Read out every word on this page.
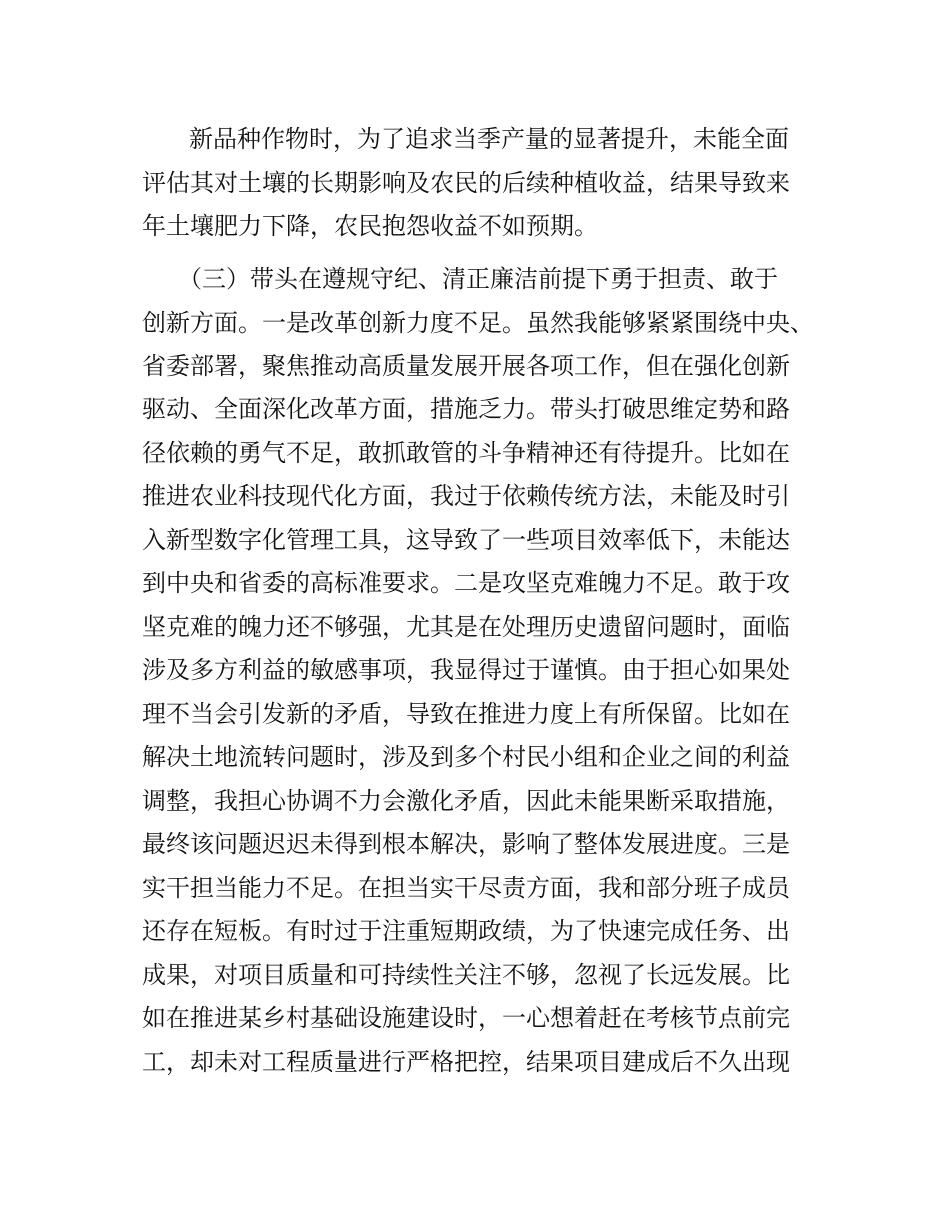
新品种作物时，为了追求当季产量的显著提升，未能全面

评估其对土壤的长期影响及农民的后续种植收益，结果导致来

年土壤肥力下降，农民抱怨收益不如预期。

（三）带头在遵规守纪、清正廉洁前提下勇于担责、敢于

创新方面。一是改革创新力度不足。虽然我能够紧紧围绕中央、

省委部署，聚焦推动高质量发展开展各项工作，但在强化创新

驱动、全面深化改革方面，措施乏力。带头打破思维定势和路

径依赖的勇气不足，敢抓敢管的斗争精神还有待提升。比如在

推进农业科技现代化方面，我过于依赖传统方法，未能及时引

入新型数字化管理工具，这导致了一些项目效率低下，未能达

到中央和省委的高标准要求。二是攻坚克难魄力不足。敢于攻

坚克难的魄力还不够强，尤其是在处理历史遗留问题时，面临

涉及多方利益的敏感事项，我显得过于谨慎。由于担心如果处

理不当会引发新的矛盾，导致在推进力度上有所保留。比如在

解决土地流转问题时，涉及到多个村民小组和企业之间的利益

调整，我担心协调不力会激化矛盾，因此未能果断采取措施，

最终该问题迟迟未得到根本解决，影响了整体发展进度。三是

实干担当能力不足。在担当实干尽责方面，我和部分班子成员

还存在短板。有时过于注重短期政绩，为了快速完成任务、出

成果，对项目质量和可持续性关注不够，忽视了长远发展。比

如在推进某乡村基础设施建设时，一心想着赶在考核节点前完

工，却未对工程质量进行严格把控，结果项目建成后不久出现
